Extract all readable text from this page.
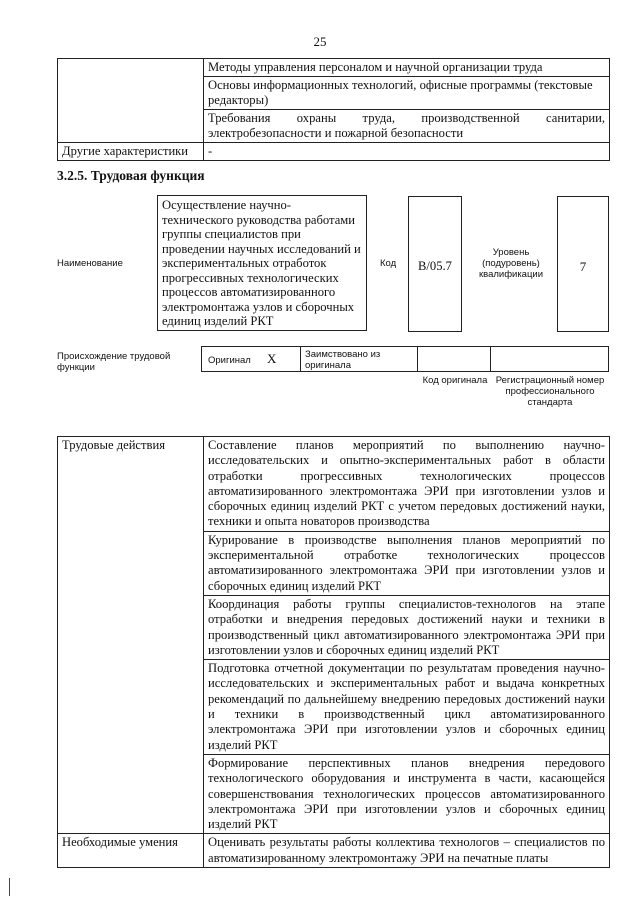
25
	Методы управления персоналом и научной организации труда
	Основы информационных технологий, офисные программы (текстовые редакторы)
	Требования охраны труда, производственной санитарии, электробезопасности и пожарной безопасности
Другие характеристики	-
3.2.5. Трудовая функция
Наименование
Осуществление научно-технического руководства работами группы специалистов при проведении научных исследований и экспериментальных отработок прогрессивных технологических процессов автоматизированного электромонтажа узлов и сборочных единиц изделий РКТ
Код	В/05.7
Уровень (подуровень) квалификации
7
Происхождение трудовой функции
Оригинал X	Заимствовано из оригинала
Код оригинала Регистрационный номер профессионального стандарта
Трудовые действия	Составление планов мероприятий по выполнению научно-исследовательских и опытно-экспериментальных работ в области отработки прогрессивных технологических процессов автоматизированного электромонтажа ЭРИ при изготовлении узлов и сборочных единиц изделий РКТ с учетом передовых достижений науки, техники и опыта новаторов производства
	Курирование в производстве выполнения планов мероприятий по экспериментальной отработке технологических процессов автоматизированного электромонтажа ЭРИ при изготовлении узлов и сборочных единиц изделий РКТ
	Координация работы группы специалистов-технологов на этапе отработки и внедрения передовых достижений науки и техники в производственный цикл автоматизированного электромонтажа ЭРИ при изготовлении узлов и сборочных единиц изделий РКТ
	Подготовка отчетной документации по результатам проведения научно-исследовательских и экспериментальных работ и выдача конкретных рекомендаций по дальнейшему внедрению передовых достижений науки и техники в производственный цикл автоматизированного электромонтажа ЭРИ при изготовлении узлов и сборочных единиц изделий РКТ
	Формирование перспективных планов внедрения передового технологического оборудования и инструмента в части, касающейся совершенствования технологических процессов автоматизированного электромонтажа ЭРИ при изготовлении узлов и сборочных единиц изделий РКТ
Необходимые умения	Оценивать результаты работы коллектива технологов – специалистов по автоматизированному электромонтажу ЭРИ на печатные платы
